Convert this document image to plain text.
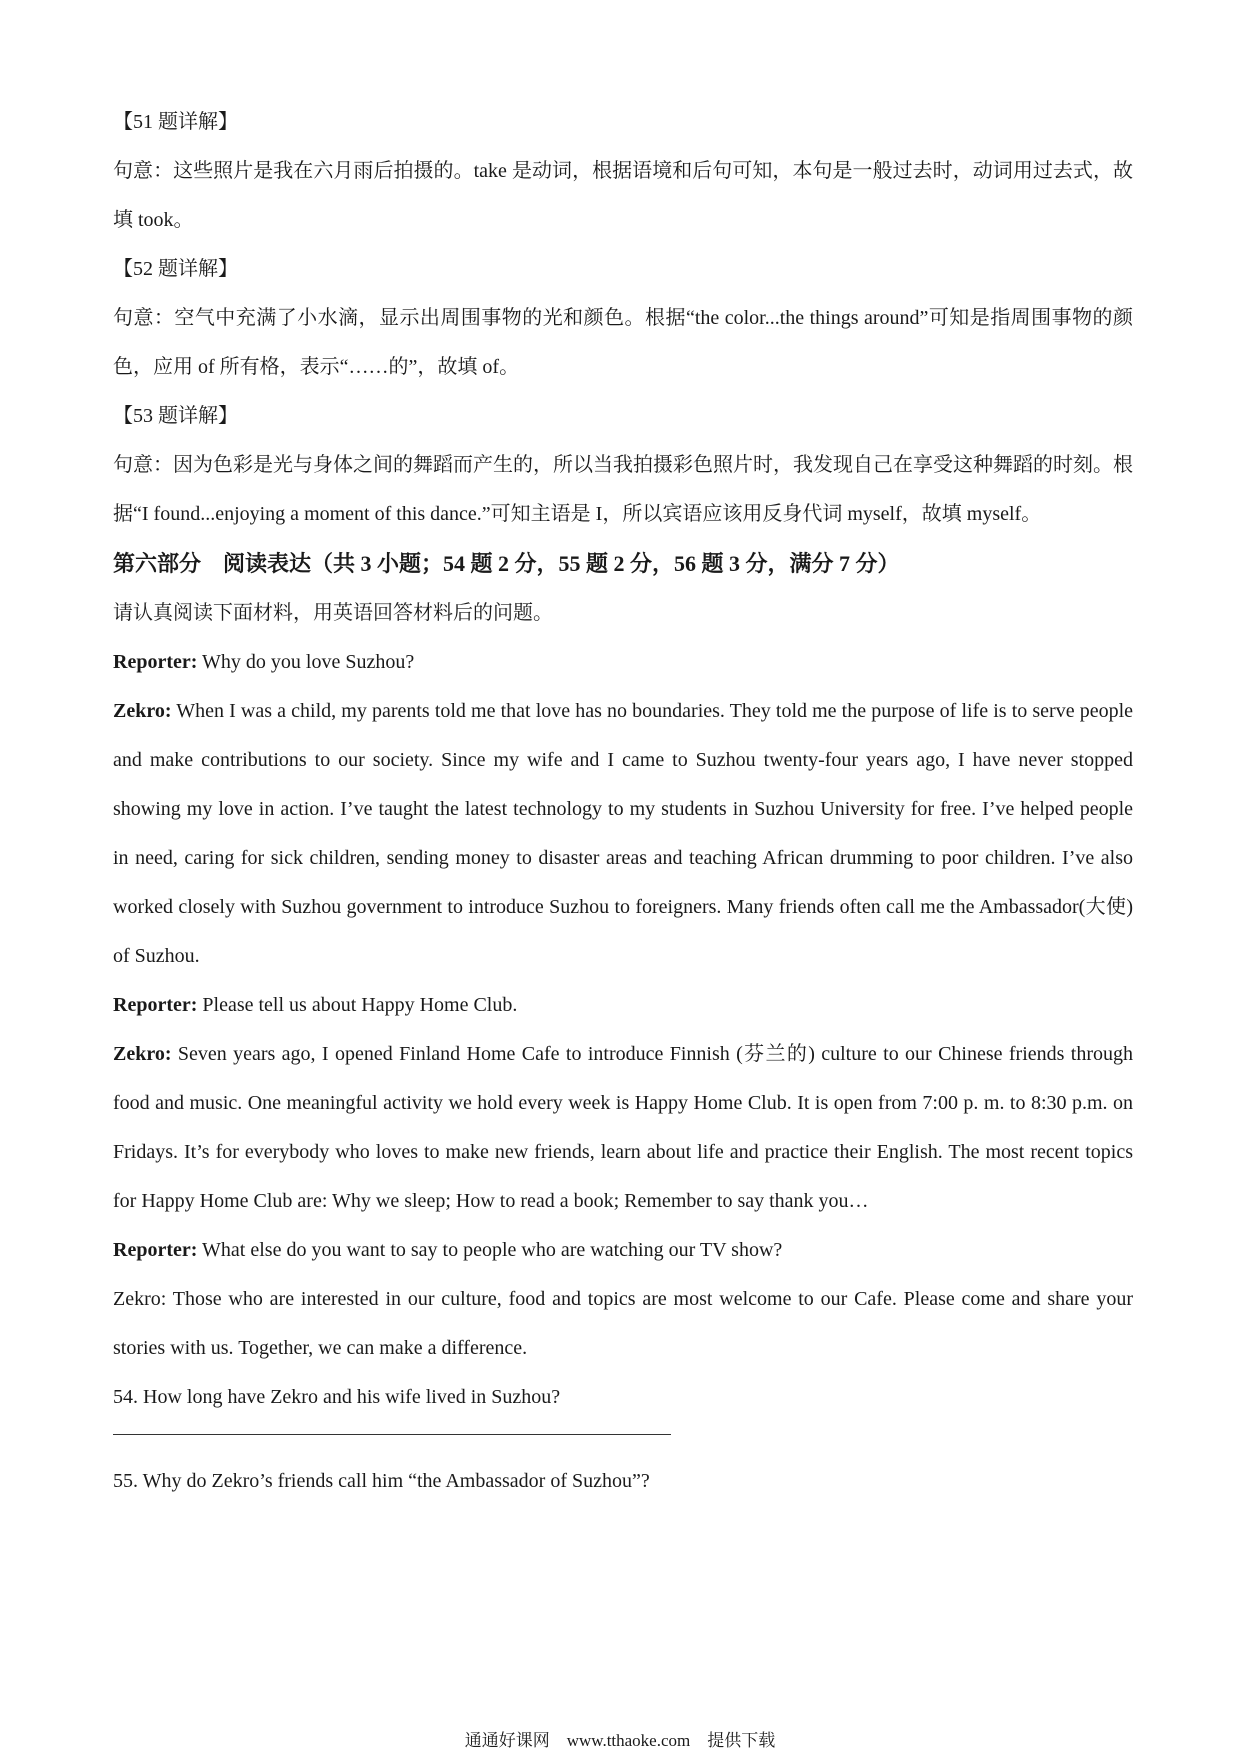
【51 题详解】

句意：这些照片是我在六月雨后拍摄的。take 是动词，根据语境和后句可知，本句是一般过去时，动词用过去式，故填 took。

【52 题详解】

句意：空气中充满了小水滴，显示出周围事物的光和颜色。根据“the color...the things around”可知是指周围事物的颜色，应用 of 所有格，表示“……的”，故填 of。

【53 题详解】

句意：因为色彩是光与身体之间的舞蹈而产生的，所以当我拍摄彩色照片时，我发现自己在享受这种舞蹈的时刻。根据“I found...enjoying a moment of this dance.”可知主语是 I，所以宾语应该用反身代词 myself，故填 myself。

第六部分　阅读表达（共 3 小题；54 题 2 分，55 题 2 分，56 题 3 分，满分 7 分）

请认真阅读下面材料，用英语回答材料后的问题。

Reporter: Why do you love Suzhou?

Zekro: When I was a child, my parents told me that love has no boundaries. They told me the purpose of life is to serve people and make contributions to our society. Since my wife and I came to Suzhou twenty-four years ago, I have never stopped showing my love in action. I’ve taught the latest technology to my students in Suzhou University for free. I’ve helped people in need, caring for sick children, sending money to disaster areas and teaching African drumming to poor children. I’ve also worked closely with Suzhou government to introduce Suzhou to foreigners. Many friends often call me the Ambassador(大使) of Suzhou.

Reporter: Please tell us about Happy Home Club.

Zekro: Seven years ago, I opened Finland Home Cafe to introduce Finnish (芬兰的) culture to our Chinese friends through food and music. One meaningful activity we hold every week is Happy Home Club. It is open from 7:00 p. m. to 8:30 p.m. on Fridays. It’s for everybody who loves to make new friends, learn about life and practice their English. The most recent topics for Happy Home Club are: Why we sleep; How to read a book; Remember to say thank you…

Reporter: What else do you want to say to people who are watching our TV show?

Zekro: Those who are interested in our culture, food and topics are most welcome to our Cafe. Please come and share your stories with us. Together, we can make a difference.

54. How long have Zekro and his wife lived in Suzhou?

55. Why do Zekro’s friends call him “the Ambassador of Suzhou”?

通通好课网　www.tthaoke.com　提供下载
